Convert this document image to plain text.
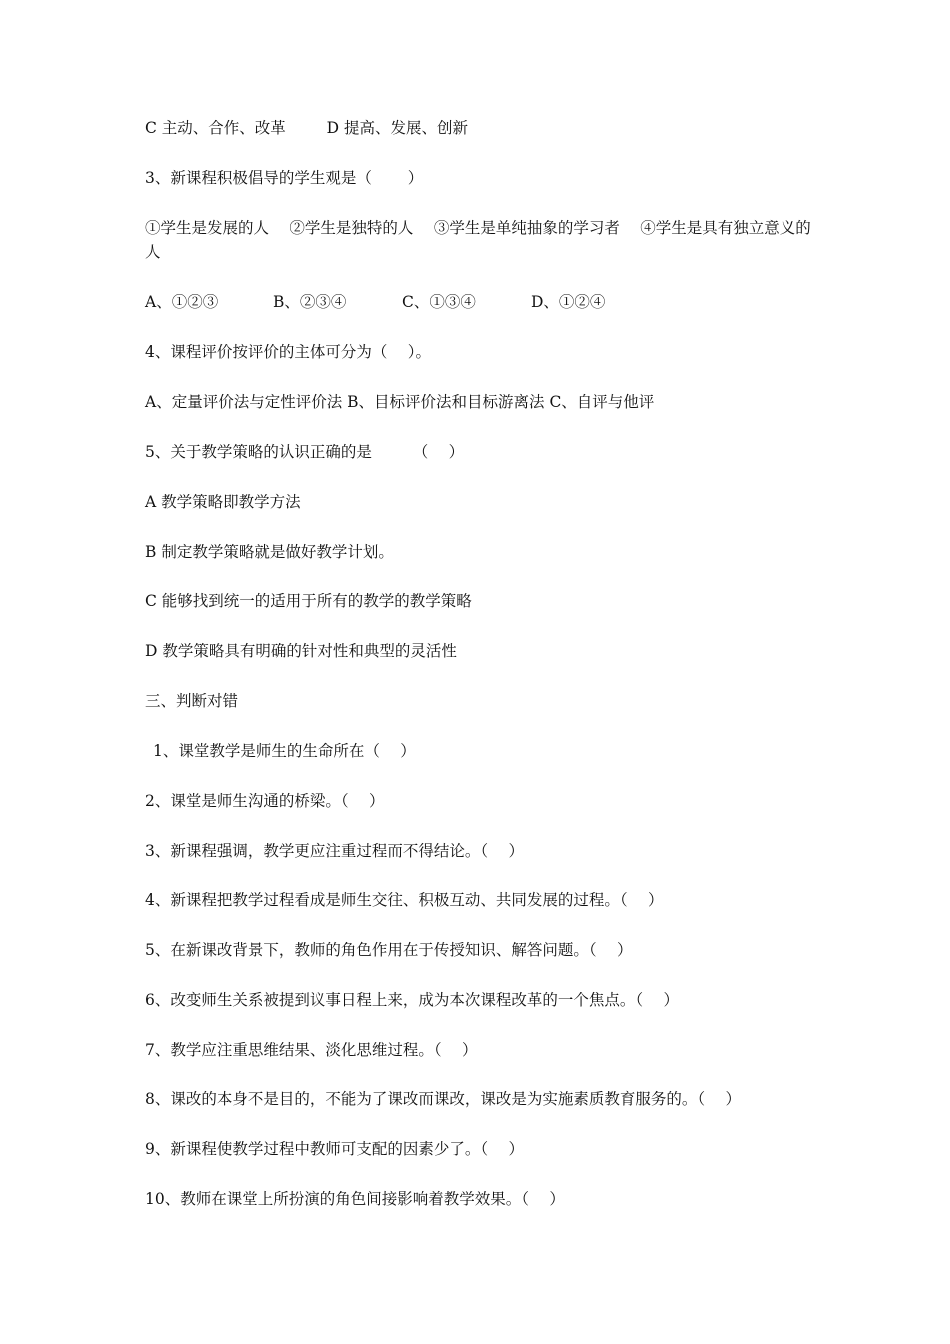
C 主动、合作、改革 　 　D 提高、发展、创新
3、新课程积极倡导的学生观是（ 　　）
①学生是发展的人 　②学生是独特的人 　③学生是单纯抽象的学习者 　④学生是具有独立意义的人
A、①②③	B、②③④	C、①③④	D、①②④
4、课程评价按评价的主体可分为（ 　）。
A、定量评价法与定性评价法 B、目标评价法和目标游离法 C、自评与他评
5、关于教学策略的认识正确的是 　　 （ 　）
A 教学策略即教学方法
B 制定教学策略就是做好教学计划。
C 能够找到统一的适用于所有的教学的教学策略
D 教学策略具有明确的针对性和典型的灵活性
三、判断对错
1、课堂教学是师生的生命所在（ 　）
2、课堂是师生沟通的桥梁。（ 　）
3、新课程强调，教学更应注重过程而不得结论。（ 　）
4、新课程把教学过程看成是师生交往、积极互动、共同发展的过程。（ 　）
5、在新课改背景下，教师的角色作用在于传授知识、解答问题。（ 　）
6、改变师生关系被提到议事日程上来，成为本次课程改革的一个焦点。（ 　）
7、教学应注重思维结果、淡化思维过程。（ 　）
8、课改的本身不是目的，不能为了课改而课改，课改是为实施素质教育服务的。（ 　）
9、新课程使教学过程中教师可支配的因素少了。（ 　）
10、教师在课堂上所扮演的角色间接影响着教学效果。（ 　）
